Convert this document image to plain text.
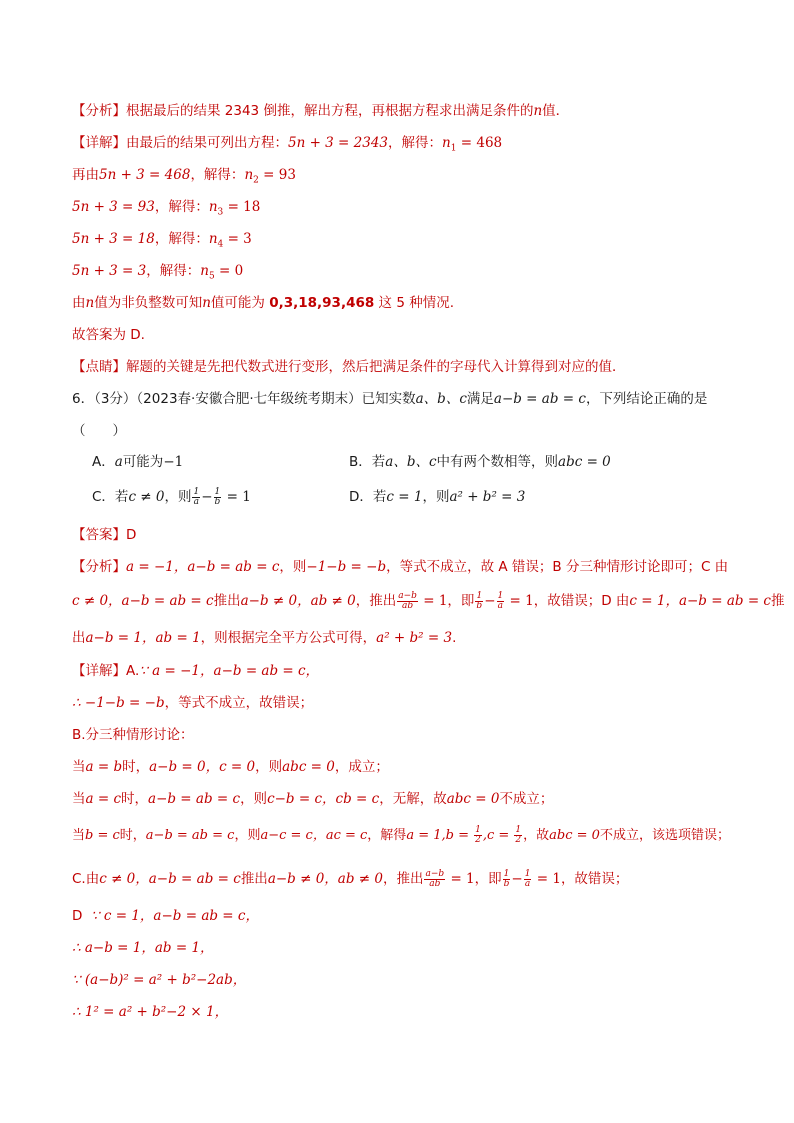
【分析】根据最后的结果 2343 倒推，解出方程，再根据方程求出满足条件的n值．
【详解】由最后的结果可列出方程：5n + 3 = 2343，解得：$n_1 = 468$
再由5n + 3 = 468，解得：$n_2 = 93$
5n + 3 = 93，解得：$n_3 = 18$
5n + 3 = 18，解得：$n_4 = 3$
5n + 3 = 3，解得：$n_5 = 0$
由n值为非负整数可知n值可能为 0,3,18,93,468 这 5 种情况.
故答案为 D.
【点睛】解题的关键是先把代数式进行变形，然后把满足条件的字母代入计算得到对应的值．
6．（3分）（2023春·安徽合肥·七年级统考期末）已知实数a、b、c满足a−b = ab = c，下列结论正确的是
（　　）
A．a可能为−1	B．若a、b、c中有两个数相等，则abc = 0
C．若c ≠ 0，则 $\frac{1}{a} - \frac{1}{b} = 1$	D．若c = 1，则a² + b² = 3
【答案】D
【分析】a = −1，a−b = ab = c，则−1−b = −b，等式不成立，故 A 错误；B 分三种情形讨论即可；C 由
c ≠ 0，a−b = ab = c推出a−b ≠ 0，ab ≠ 0，推出 $\frac{a-b}{ab} = 1$，即 $\frac{1}{b} - \frac{1}{a} = 1$，故错误；D 由c = 1，a−b = ab = c推
出a−b = 1，ab = 1，则根据完全平方公式可得，a² + b² = 3.
【详解】A.∵ a = −1，a−b = ab = c，
∴ −1−b = −b，等式不成立，故错误；
B.分三种情形讨论：
当a = b时，a−b = 0，c = 0，则abc = 0，成立；
当a = c时，a−b = ab = c，则c−b = c，cb = c，无解，故abc = 0不成立；
当b = c时，a−b = ab = c，则a−c = c，ac = c，解得$a = 1,b = \frac{1}{2} ,c = \frac{1}{2}$ ，故abc = 0不成立，该选项错误；
C.由c ≠ 0，a−b = ab = c推出a−b ≠ 0，ab ≠ 0，推出 $\frac{a-b}{ab} = 1$，即 $\frac{1}{b} - \frac{1}{a} = 1$，故错误；
D ∵ c = 1，a−b = ab = c，
∴ a−b = 1，ab = 1，
∵ (a−b)² = a² + b²−2ab，
∴ 1² = a² + b²−2 × 1，
